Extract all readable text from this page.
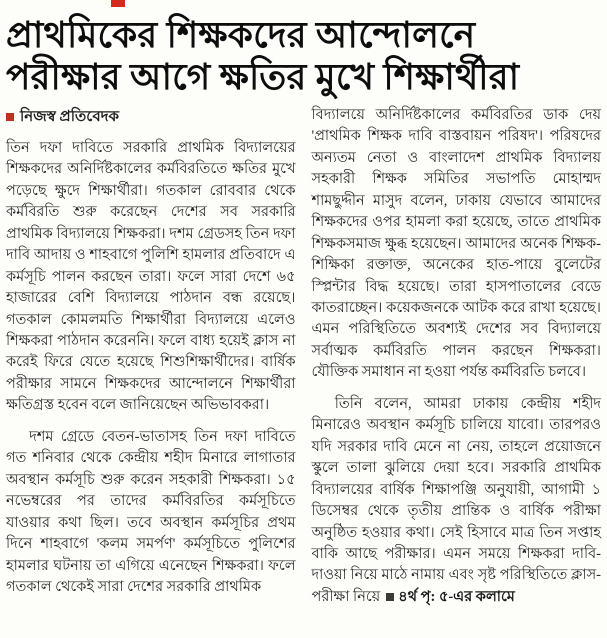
প্রাথমিকের শিক্ষকদের আন্দোলনে
পরীক্ষার আগে ক্ষতির মুখে শিক্ষার্থীরা
নিজস্ব প্রতিবেদক

তিন দফা দাবিতে সরকারি প্রাথমিক বিদ্যালয়ের শিক্ষকদের অনির্দিষ্টকালের কর্মবিরতিতে ক্ষতির মুখে পড়েছে ক্ষুদে শিক্ষার্থীরা। গতকাল রোববার থেকে কর্মবিরতি শুরু করেছেন দেশের সব সরকারি প্রাথমিক বিদ্যালয়ে শিক্ষকরা। দশম গ্রেডসহ তিন দফা দাবি আদায় ও শাহবাগে পুলিশি হামলার প্রতিবাদে এ কর্মসূচি পালন করছেন তারা। ফলে সারা দেশে ৬৫ হাজারের বেশি বিদ্যালয়ে পাঠদান বন্ধ রয়েছে। গতকাল কোমলমতি শিক্ষার্থীরা বিদ্যালয়ে এলেও শিক্ষকরা পাঠদান করেননি। ফলে বাধ্য হয়েই ক্লাস না করেই ফিরে যেতে হয়েছে শিশুশিক্ষার্থীদের। বার্ষিক পরীক্ষার সামনে শিক্ষকদের আন্দোলনে শিক্ষার্থীরা ক্ষতিগ্রস্ত হবেন বলে জানিয়েছেন অভিভাবকরা।

দশম গ্রেডে বেতন-ভাতাসহ তিন দফা দাবিতে গত শনিবার থেকে কেন্দ্রীয় শহীদ মিনারে লাগাতার অবস্থান কর্মসূচি শুরু করেন সহকারী শিক্ষকরা। ১৫ নভেম্বরের পর তাদের কর্মবিরতির কর্মসূচিতে যাওয়ার কথা ছিল। তবে অবস্থান কর্মসূচির প্রথম দিনে শাহবাগে 'কলম সমর্পণ' কর্মসূচিতে পুলিশের হামলার ঘটনায় তা এগিয়ে এনেছেন শিক্ষকরা। ফলে গতকাল থেকেই সারা দেশের সরকারি প্রাথমিক

বিদ্যালয়ে অনির্দিষ্টকালের কর্মবিরতির ডাক দেয় 'প্রাথমিক শিক্ষক দাবি বাস্তবায়ন পরিষদ'। পরিষদের অন্যতম নেতা ও বাংলাদেশ প্রাথমিক বিদ্যালয় সহকারী শিক্ষক সমিতির সভাপতি মোহাম্মদ শামছুদ্দীন মাসুদ বলেন, ঢাকায় যেভাবে আমাদের শিক্ষকদের ওপর হামলা করা হয়েছে, তাতে প্রাথমিক শিক্ষকসমাজ ক্ষুব্ধ হয়েছেন। আমাদের অনেক শিক্ষক-শিক্ষিকা রক্তাক্ত, অনেকের হাত-পায়ে বুলেটের স্প্লিন্টার বিদ্ধ হয়েছে। তারা হাসপাতালের বেডে কাতরাচ্ছেন। কয়েকজনকে আটক করে রাখা হয়েছে। এমন পরিস্থিতিতে অবশ্যই দেশের সব বিদ্যালয়ে সর্বাত্মক কর্মবিরতি পালন করছেন শিক্ষকরা। যৌক্তিক সমাধান না হওয়া পর্যন্ত কর্মবিরতি চলবে।

তিনি বলেন, আমরা ঢাকায় কেন্দ্রীয় শহীদ মিনারেও অবস্থান কর্মসূচি চালিয়ে যাবো। তারপরও যদি সরকার দাবি মেনে না নেয়, তাহলে প্রয়োজনে স্কুলে তালা ঝুলিয়ে দেয়া হবে। সরকারি প্রাথমিক বিদ্যালয়ের বার্ষিক শিক্ষাপঞ্জি অনুযায়ী, আগামী ১ ডিসেম্বর থেকে তৃতীয় প্রান্তিক ও বার্ষিক পরীক্ষা অনুষ্ঠিত হওয়ার কথা। সেই হিসাবে মাত্র তিন সপ্তাহ বাকি আছে পরীক্ষার। এমন সময়ে শিক্ষকরা দাবি-দাওয়া নিয়ে মাঠে নামায় এবং সৃষ্ট পরিস্থিতিতে ক্লাস-পরীক্ষা নিয়ে ৪র্থ পৃ: ৫-এর কলামে
